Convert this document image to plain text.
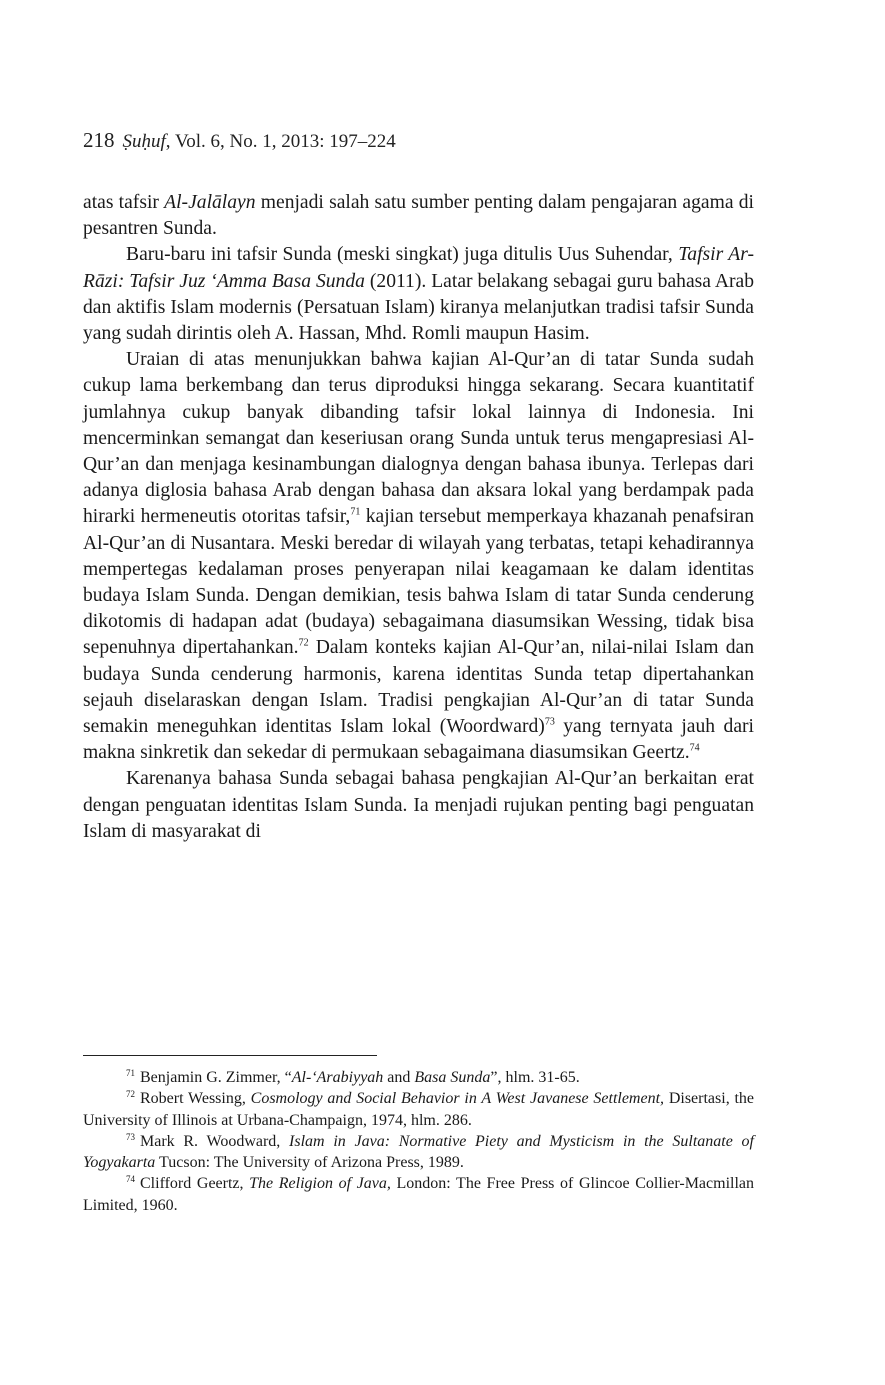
218 Ṣuḥuf, Vol. 6, No. 1, 2013: 197–224

atas tafsir Al-Jalālayn menjadi salah satu sumber penting dalam pengajaran agama di pesantren Sunda.

Baru-baru ini tafsir Sunda (meski singkat) juga ditulis Uus Suhendar, Tafsir Ar-Rāzi: Tafsir Juz ʻAmma Basa Sunda (2011). Latar belakang sebagai guru bahasa Arab dan aktifis Islam modernis (Persatuan Islam) kiranya melanjutkan tradisi tafsir Sunda yang sudah dirintis oleh A. Hassan, Mhd. Romli maupun Hasim.

Uraian di atas menunjukkan bahwa kajian Al-Qur’an di tatar Sunda sudah cukup lama berkembang dan terus diproduksi hingga sekarang. Secara kuantitatif jumlahnya cukup banyak dibanding tafsir lokal lainnya di Indonesia. Ini mencerminkan semangat dan keseriusan orang Sunda untuk terus mengapresiasi Al-Qur’an dan menjaga kesinambungan dialognya dengan bahasa ibunya. Terlepas dari adanya diglosia bahasa Arab dengan bahasa dan aksara lokal yang berdampak pada hirarki hermeneutis otoritas tafsir,$^{71}$ kajian tersebut memperkaya khazanah penafsiran Al-Qur’an di Nusantara. Meski beredar di wilayah yang terbatas, tetapi kehadirannya mempertegas kedalaman proses penyerapan nilai keagamaan ke dalam identitas budaya Islam Sunda. Dengan demikian, tesis bahwa Islam di tatar Sunda cenderung dikotomis di hadapan adat (budaya) sebagaimana diasumsikan Wessing, tidak bisa sepenuhnya dipertahankan.$^{72}$ Dalam konteks kajian Al-Qur’an, nilai-nilai Islam dan budaya Sunda cenderung harmonis, karena identitas Sunda tetap dipertahankan sejauh diselaraskan dengan Islam. Tradisi pengkajian Al-Qur’an di tatar Sunda semakin meneguhkan identitas Islam lokal (Woordward)$^{73}$ yang ternyata jauh dari makna sinkretik dan sekedar di permukaan sebagaimana diasumsikan Geertz.$^{74}$

Karenanya bahasa Sunda sebagai bahasa pengkajian Al-Qur’an berkaitan erat dengan penguatan identitas Islam Sunda. Ia menjadi rujukan penting bagi penguatan Islam di masyarakat di

$^{71}$ Benjamin G. Zimmer, “Al-ʻArabiyyah and Basa Sunda”, hlm. 31-65.

$^{72}$ Robert Wessing, Cosmology and Social Behavior in A West Javanese Settlement, Disertasi, the University of Illinois at Urbana-Champaign, 1974, hlm. 286.

$^{73}$ Mark R. Woodward, Islam in Java: Normative Piety and Mysticism in the Sultanate of Yogyakarta Tucson: The University of Arizona Press, 1989.

$^{74}$ Clifford Geertz, The Religion of Java, London: The Free Press of Glincoe Collier-Macmillan Limited, 1960.
